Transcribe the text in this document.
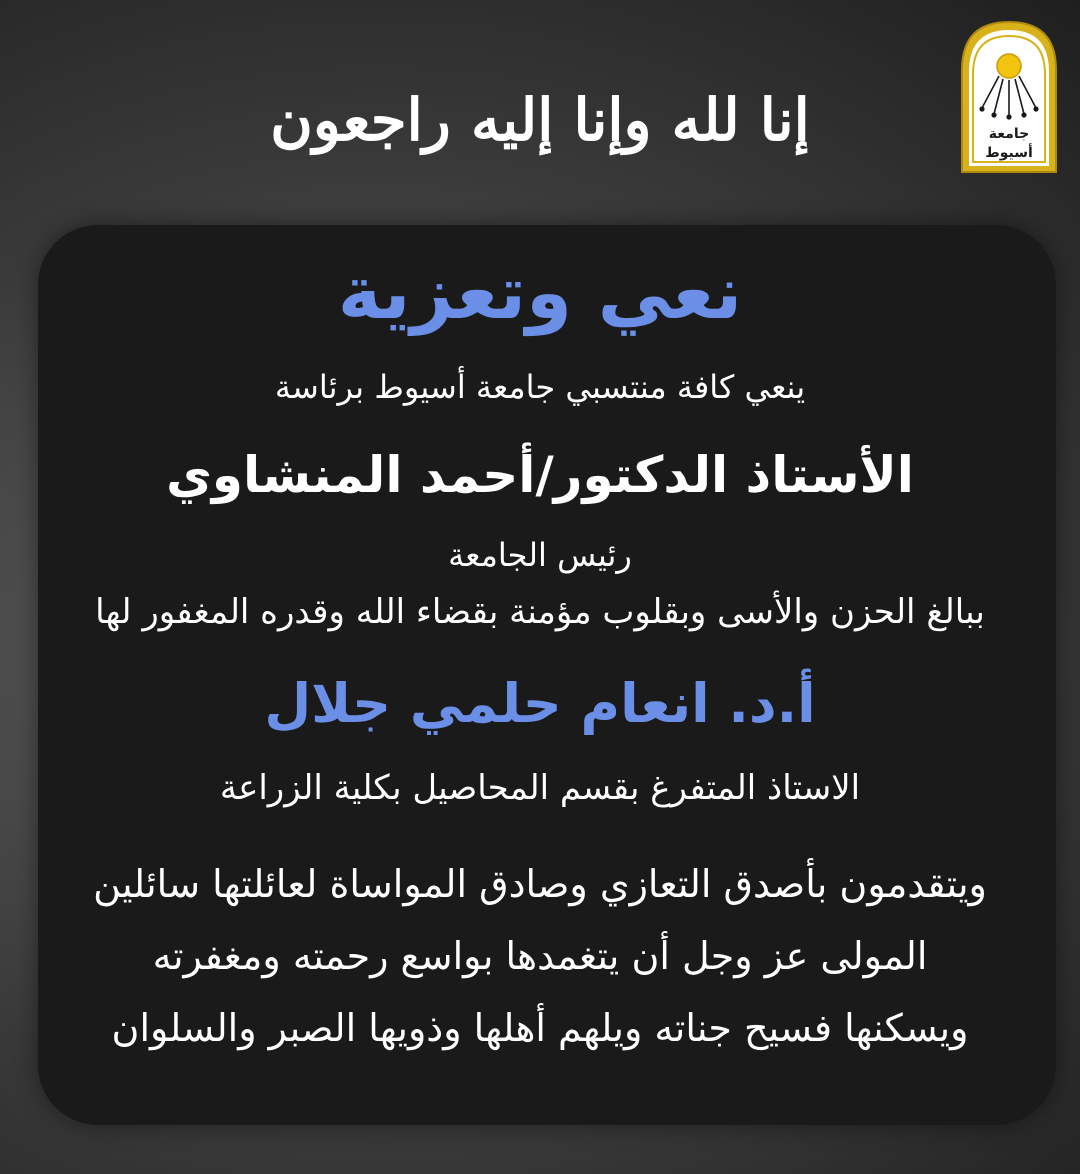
إنا لله وإنا إليه راجعون	جامعة
أسيوط
نعي وتعزية
ينعي كافة منتسبي جامعة أسيوط برئاسة
الأستاذ الدكتور/أحمد المنشاوي
رئيس الجامعة
ببالغ الحزن والأسى وبقلوب مؤمنة بقضاء الله وقدره المغفور لها
أ.د. انعام حلمي جلال
الاستاذ المتفرغ بقسم المحاصيل بكلية الزراعة
ويتقدمون بأصدق التعازي وصادق المواساة لعائلتها سائلين
المولى عز وجل أن يتغمدها بواسع رحمته ومغفرته
ويسكنها فسيح جناته ويلهم أهلها وذويها الصبر والسلوان
